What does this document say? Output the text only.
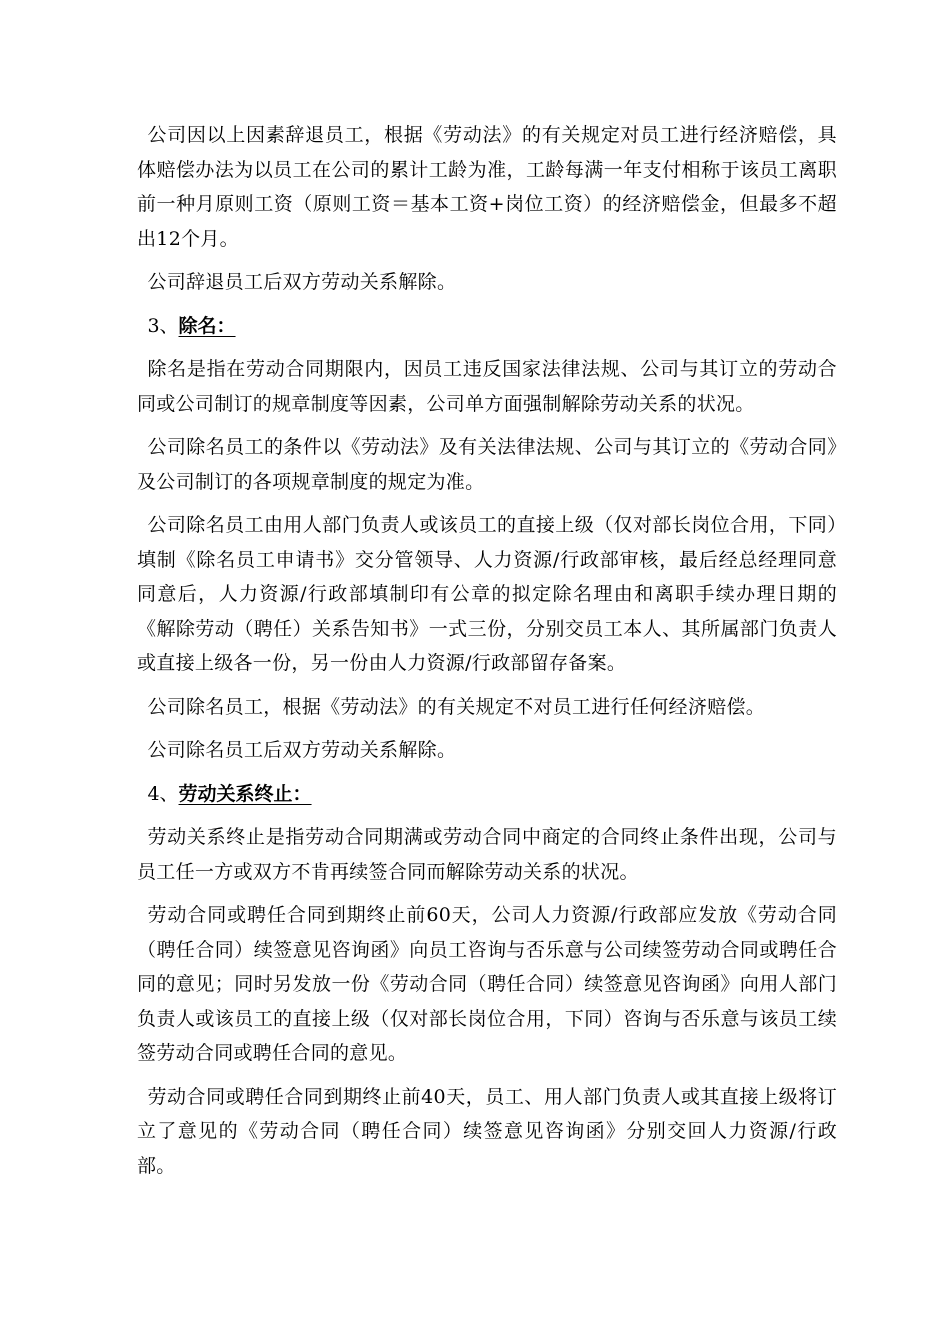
公司因以上因素辞退员工，根据《劳动法》的有关规定对员工进行经济赔偿，具体赔偿办法为以员工在公司的累计工龄为准，工龄每满一年支付相称于该员工离职前一种月原则工资（原则工资＝基本工资+岗位工资）的经济赔偿金，但最多不超出12个月。

公司辞退员工后双方劳动关系解除。

3、除名：

除名是指在劳动合同期限内，因员工违反国家法律法规、公司与其订立的劳动合同或公司制订的规章制度等因素，公司单方面强制解除劳动关系的状况。

公司除名员工的条件以《劳动法》及有关法律法规、公司与其订立的《劳动合同》及公司制订的各项规章制度的规定为准。

公司除名员工由用人部门负责人或该员工的直接上级（仅对部长岗位合用，下同）填制《除名员工申请书》交分管领导、人力资源/行政部审核，最后经总经理同意同意后，人力资源/行政部填制印有公章的拟定除名理由和离职手续办理日期的《解除劳动（聘任）关系告知书》一式三份，分别交员工本人、其所属部门负责人或直接上级各一份，另一份由人力资源/行政部留存备案。

公司除名员工，根据《劳动法》的有关规定不对员工进行任何经济赔偿。

公司除名员工后双方劳动关系解除。

4、劳动关系终止：

劳动关系终止是指劳动合同期满或劳动合同中商定的合同终止条件出现，公司与员工任一方或双方不肯再续签合同而解除劳动关系的状况。

劳动合同或聘任合同到期终止前60天，公司人力资源/行政部应发放《劳动合同（聘任合同）续签意见咨询函》向员工咨询与否乐意与公司续签劳动合同或聘任合同的意见；同时另发放一份《劳动合同（聘任合同）续签意见咨询函》向用人部门负责人或该员工的直接上级（仅对部长岗位合用，下同）咨询与否乐意与该员工续签劳动合同或聘任合同的意见。

劳动合同或聘任合同到期终止前40天，员工、用人部门负责人或其直接上级将订立了意见的《劳动合同（聘任合同）续签意见咨询函》分别交回人力资源/行政部。
